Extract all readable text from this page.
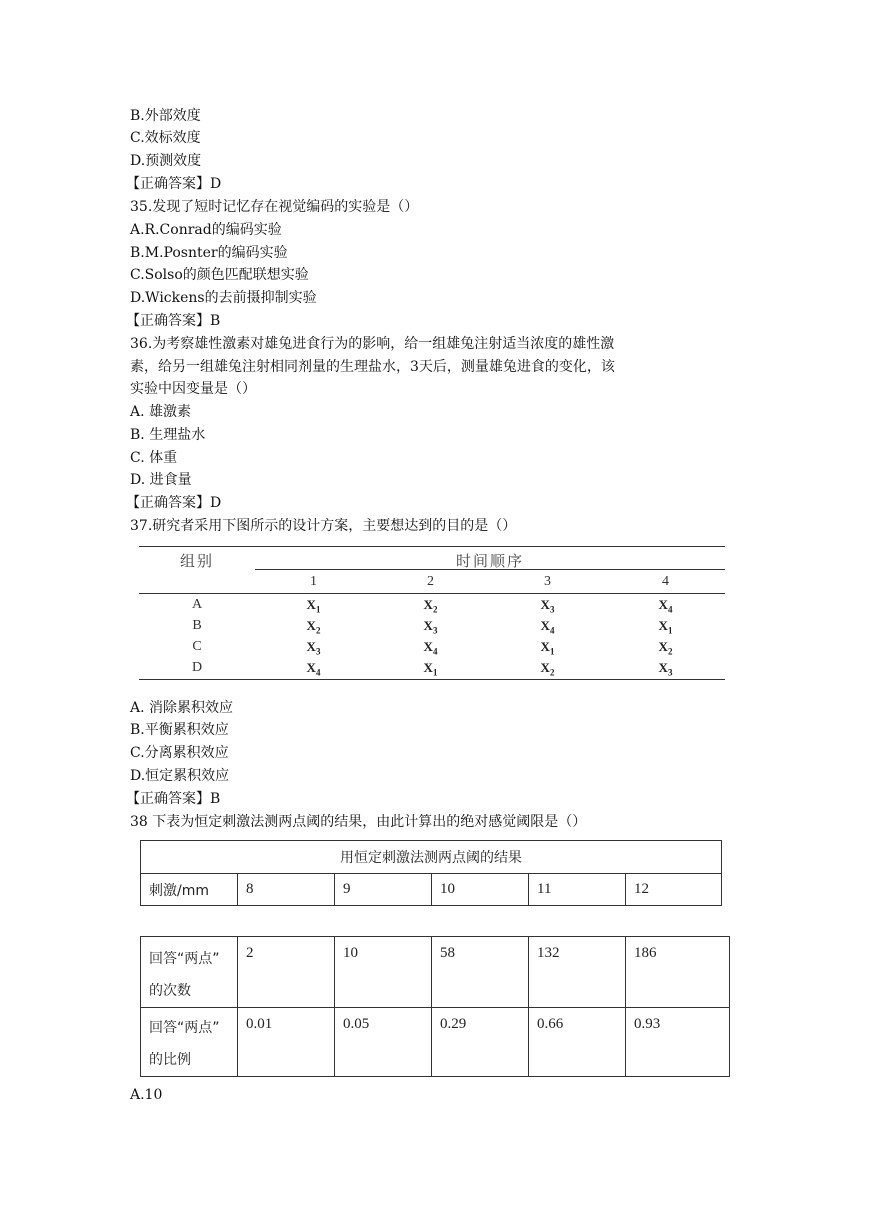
B.外部效度
C.效标效度
D.预测效度
【正确答案】D
35.发现了短时记忆存在视觉编码的实验是（）
A.R.Conrad的编码实验
B.M.Posnter的编码实验
C.Solso的颜色匹配联想实验
D.Wickens的去前摄抑制实验
【正确答案】B
36.为考察雄性激素对雄兔进食行为的影响，给一组雄兔注射适当浓度的雄性激
素，给另一组雄兔注射相同剂量的生理盐水，3天后，测量雄兔进食的变化，该
实验中因变量是（）
A. 雄激素
B. 生理盐水
C. 体重
D. 进食量
【正确答案】D
37.研究者采用下图所示的设计方案，主要想达到的目的是（）
组别	时间顺序
1	2	3	4
A	$X_1$	$X_2$	$X_3$	$X_4$
B	$X_2$	$X_3$	$X_4$	$X_1$
C	$X_3$	$X_4$	$X_1$	$X_2$
D	$X_4$	$X_1$	$X_2$	$X_3$
A. 消除累积效应
B.平衡累积效应
C.分离累积效应
D.恒定累积效应
【正确答案】B
38 下表为恒定刺激法测两点阈的结果，由此计算出的绝对感觉阈限是（）
用恒定刺激法测两点阈的结果
刺激/mm	8	9	10	11	12
回答“两点”
的次数	2	10	58	132	186
回答“两点”
的比例	0.01	0.05	0.29	0.66	0.93
A.10
